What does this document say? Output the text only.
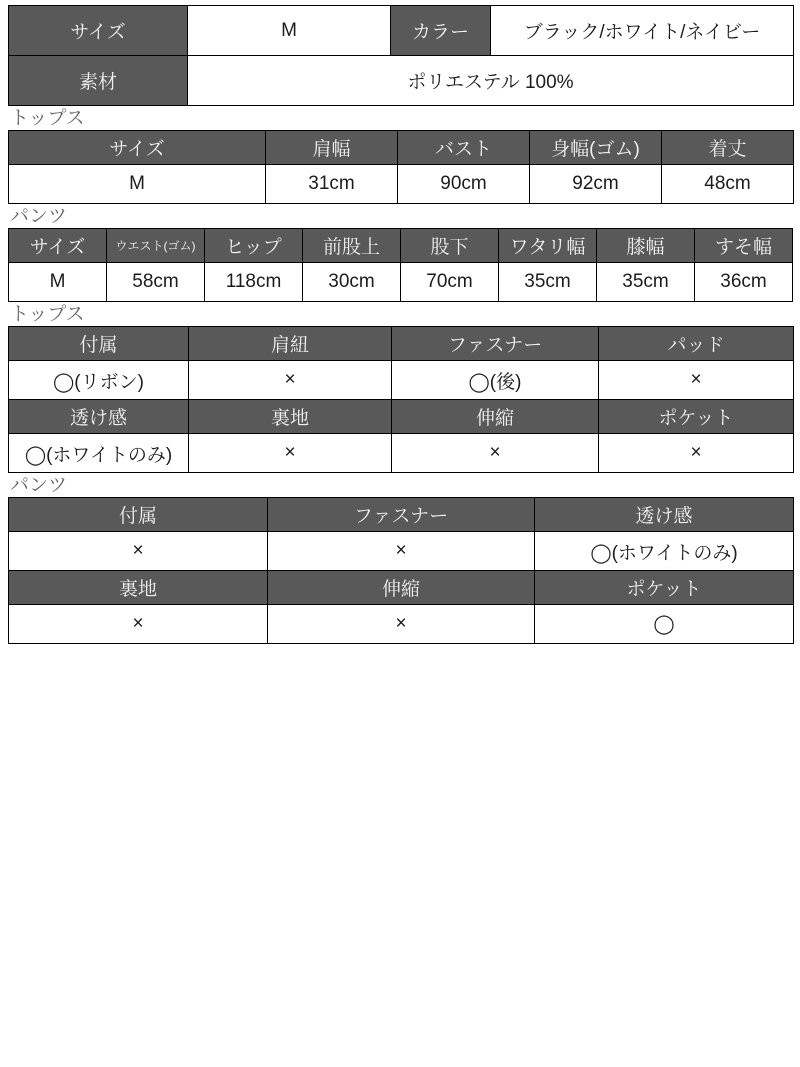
サイズ	M	カラー	ブラック/ホワイト/ネイビー
素材	ポリエステル 100%		
トップス
サイズ	肩幅	バスト	身幅(ゴム)	着丈
M	31cm	90cm	92cm	48cm
パンツ
サイズ	ウエスト(ゴム)	ヒップ	前股上	股下	ワタリ幅	膝幅	すそ幅
M	58cm	118cm	30cm	70cm	35cm	35cm	36cm
トップス
付属	肩紐	ファスナー	パッド
◯(リボン)	×	◯(後)	×
透け感	裏地	伸縮	ポケット
◯(ホワイトのみ)	×	×	×
パンツ
付属	ファスナー	透け感
×	×	◯(ホワイトのみ)
裏地	伸縮	ポケット
×	×	◯
